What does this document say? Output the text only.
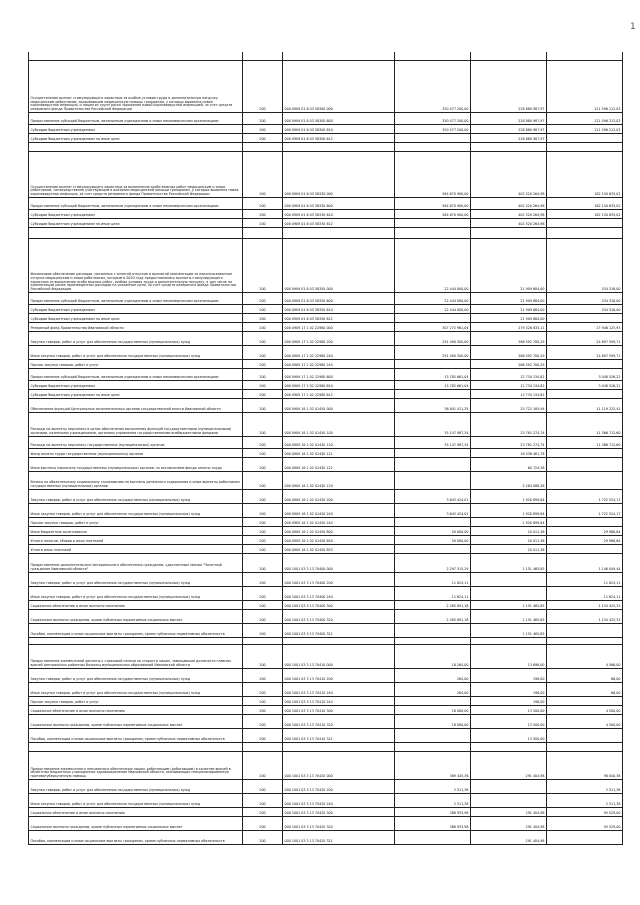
Осуществление выплат стимулирующего характера за особые условия труда и дополнительную нагрузку медицинским работникам, оказывающим медицинскую помощь гражданам, у которых выявлена новая коронавирусная инфекция, и лицам из групп риска заражения новой коронавирусной инфекцией, за счет средств резервного фонда Правительства Российской Федерации	200	000 0909 01 6 03 58300 000	350 477 200,00	228 880 987,97	121 596 212,03
Предоставление субсидий бюджетным, автономным учреждениям и иным некоммерческим организациям	200	000 0909 01 6 03 58300 600	350 477 200,00	228 880 987,97	121 596 212,03
Субсидии бюджетным учреждениям	200	000 0909 01 6 03 58300 610	350 477 200,00	228 880 987,97	121 596 212,03
Субсидии бюджетным учреждениям на иные цели	200	000 0909 01 6 03 58300 612		228 880 987,97	

Осуществление выплат стимулирующего характера за выполнение особо важных работ медицинским и иным работникам, непосредственно участвующим в оказании медицинской помощи гражданам, у которых выявлена новая коронавирусная инфекция, за счет средств резервного фонда Правительства Российской Федерации	200	000 0909 01 6 03 58330 000	584 670 900,00	402 520 264,98	182 150 635,02
Предоставление субсидий бюджетным, автономным учреждениям и иным некоммерческим организациям	200	000 0909 01 6 03 58330 600	584 670 900,00	402 520 264,98	182 150 635,02
Субсидии бюджетным учреждениям	200	000 0909 01 6 03 58330 610	584 670 900,00	402 520 264,98	182 150 635,02
Субсидии бюджетным учреждениям на иные цели	200	000 0909 01 6 03 58330 612		402 520 264,98	

Финансовое обеспечение расходов, связанных с оплатой отпусков и выплатой компенсации за неиспользованные отпуска медицинским и иным работникам, которым в 2020 году предоставлялись выплаты стимулирующего характера за выполнение особо важных работ, особые условия труда и дополнительную нагрузку, в том числе на компенсацию ранее произведенных расходов на указанные цели, за счет средств резервного фонда Правительства Российской Федерации	200	000 0909 01 6 03 58350 000	22 444 000,00	21 909 684,00	534 316,00
Предоставление субсидий бюджетным, автономным учреждениям и иным некоммерческим организациям	200	000 0909 01 6 03 58350 600	22 444 000,00	21 909 684,00	534 316,00
Субсидии бюджетным учреждениям	200	000 0909 01 6 03 58350 610	22 444 000,00	21 909 684,00	534 316,00
Субсидии бюджетным учреждениям на иные цели	200	000 0909 01 6 03 58350 612		21 909 684,00	
Резервный фонд Правительства Ивановской области	200	000 0909 17 1 02 22980 000	307 272 961,04	279 326 835,11	27 946 125,93
Закупка товаров, работ и услуг для обеспечения государственных (муниципальных) нужд	200	000 0909 17 1 02 22980 200	291 490 300,00	266 592 700,29	24 897 599,71
Иные закупки товаров, работ и услуг для обеспечения государственных (муниципальных) нужд	200	000 0909 17 1 02 22980 240	291 490 300,00	266 592 700,29	24 897 599,71
Прочая закупка товаров, работ и услуг	200	000 0909 17 1 02 22980 244		266 592 700,29	
Предоставление субсидий бюджетным, автономным учреждениям и иным некоммерческим организациям	200	000 0909 17 1 02 22980 600	15 782 661,04	12 734 134,82	3 048 526,22
Субсидии бюджетным учреждениям	200	000 0909 17 1 02 22980 610	15 782 661,04	12 734 134,82	3 048 526,22
Субсидии бюджетным учреждениям на иные цели	200	000 0909 17 1 02 22980 612		12 734 134,82	
Обеспечение функций Центральных исполнительных органов государственной власти Ивановской области	200	000 0909 18 1 02 01450 000	36 841 411,35	25 722 185,94	11 119 225,41
Расходы на выплаты персоналу в целях обеспечения выполнения функций государственными (муниципальными) органами, казенными учреждениями, органами управления государственными внебюджетными фондами	200	000 0909 18 1 02 01450 100	35 147 987,34	23 781 274,74	11 366 712,60
Расходы на выплаты персоналу государственных (муниципальных) органов	200	000 0909 18 1 02 01450 120	35 147 987,34	23 781 274,74	11 366 712,60
Фонд оплаты труда государственных (муниципальных) органов	200	000 0909 18 1 02 01450 121		18 438 461,78	
Иные выплаты персоналу государственных (муниципальных) органов, за исключением фонда оплаты труда	200	000 0909 18 1 02 01450 122		60 724,38	
Взносы по обязательному социальному страхованию на выплаты денежного содержания и иные выплаты работникам государственных (муниципальных) органов	200	000 0909 18 1 02 01450 129		5 284 088,58	
Закупка товаров, работ и услуг для обеспечения государственных (муниципальных) нужд	200	000 0909 18 1 02 01450 200	3 643 424,01	1 920 899,84	1 722 524,17
Иные закупки товаров, работ и услуг для обеспечения государственных (муниципальных) нужд	200	000 0909 18 1 02 01450 240	3 643 424,01	1 920 899,84	1 722 524,17
Прочая закупка товаров, работ и услуг	200	000 0909 18 1 02 01450 244		1 920 899,84	
Иные бюджетные ассигнования	200	000 0909 18 1 02 01450 800	50 000,00	20 011,36	29 988,64
Уплата налогов, сборов и иных платежей	200	000 0909 18 1 02 01450 850	50 000,00	20 011,36	29 988,64
Уплата иных платежей	200	000 0909 18 1 02 01450 853		20 011,36	
Предоставление дополнительного материального обеспечения гражданам, удостоенным звания "Почетный гражданин Ивановской области"	200	000 1001 03 3 13 70400 000	2 297 515,29	1 151 465,85	1 146 049,44
Закупка товаров, работ и услуг для обеспечения государственных (муниципальных) нужд	200	000 1001 03 3 13 70400 200	11 624,11		11 624,11
Иные закупки товаров, работ и услуг для обеспечения государственных (муниципальных) нужд	200	000 1001 03 3 13 70400 240	11 624,11		11 624,11
Социальное обеспечение и иные выплаты населению	200	000 1001 03 3 13 70400 300	2 285 891,18	1 151 465,85	1 134 425,33
Социальные выплаты гражданам, кроме публичных нормативных социальных выплат	200	000 1001 03 3 13 70400 320	2 285 891,18	1 151 465,85	1 134 425,33
Пособия, компенсации и иные социальные выплаты гражданам, кроме публичных нормативных обязательств	200	000 1001 03 3 13 70400 321		1 151 465,85	

Предоставление ежемесячной доплаты к страховой пенсии по старости лицам, замещавшим должности главных врачей центральных районных больниц муниципальных образований Ивановской области	200	000 1001 03 3 13 70410 000	18 264,00	13 698,00	4 566,00
Закупка товаров, работ и услуг для обеспечения государственных (муниципальных) нужд	200	000 1001 03 3 13 70410 200	264,00	198,00	66,00
Иные закупки товаров, работ и услуг для обеспечения государственных (муниципальных) нужд	200	000 1001 03 3 13 70410 240	264,00	198,00	66,00
Прочая закупка товаров, работ и услуг	200	000 1001 03 3 13 70410 244		198,00	
Социальное обеспечение и иные выплаты населению	200	000 1001 03 3 13 70410 300	18 000,00	13 500,00	4 500,00
Социальные выплаты гражданам, кроме публичных нормативных социальных выплат	200	000 1001 03 3 13 70410 320	18 000,00	13 500,00	4 500,00
Пособия, компенсации и иные социальные выплаты гражданам, кроме публичных нормативных обязательств	200	000 1001 03 3 13 70410 321		13 500,00	

Предоставление ежемесячного пенсионного обеспечения лицам, работающим (работавшим) в качестве врачей в областных бюджетных учреждениях здравоохранения Ивановской области, оказывающих специализированную противотуберкулезную помощь	200	000 1001 03 3 13 70420 000	389 445,36	291 404,98	98 040,38
Закупка товаров, работ и услуг для обеспечения государственных (муниципальных) нужд	200	000 1001 03 3 13 70420 200	2 511,38		2 511,38
Иные закупки товаров, работ и услуг для обеспечения государственных (муниципальных) нужд	200	000 1001 03 3 13 70420 240	2 511,38		2 511,38
Социальное обеспечение и иные выплаты населению	200	000 1001 03 3 13 70420 300	386 933,98	291 404,98	95 529,00
Социальные выплаты гражданам, кроме публичных нормативных социальных выплат	200	000 1001 03 3 13 70420 320	386 933,98	291 404,98	95 529,00
Пособия, компенсации и иные социальные выплаты гражданам, кроме публичных нормативных обязательств	200	000 1001 03 3 13 70420 321		291 404,98	
1
